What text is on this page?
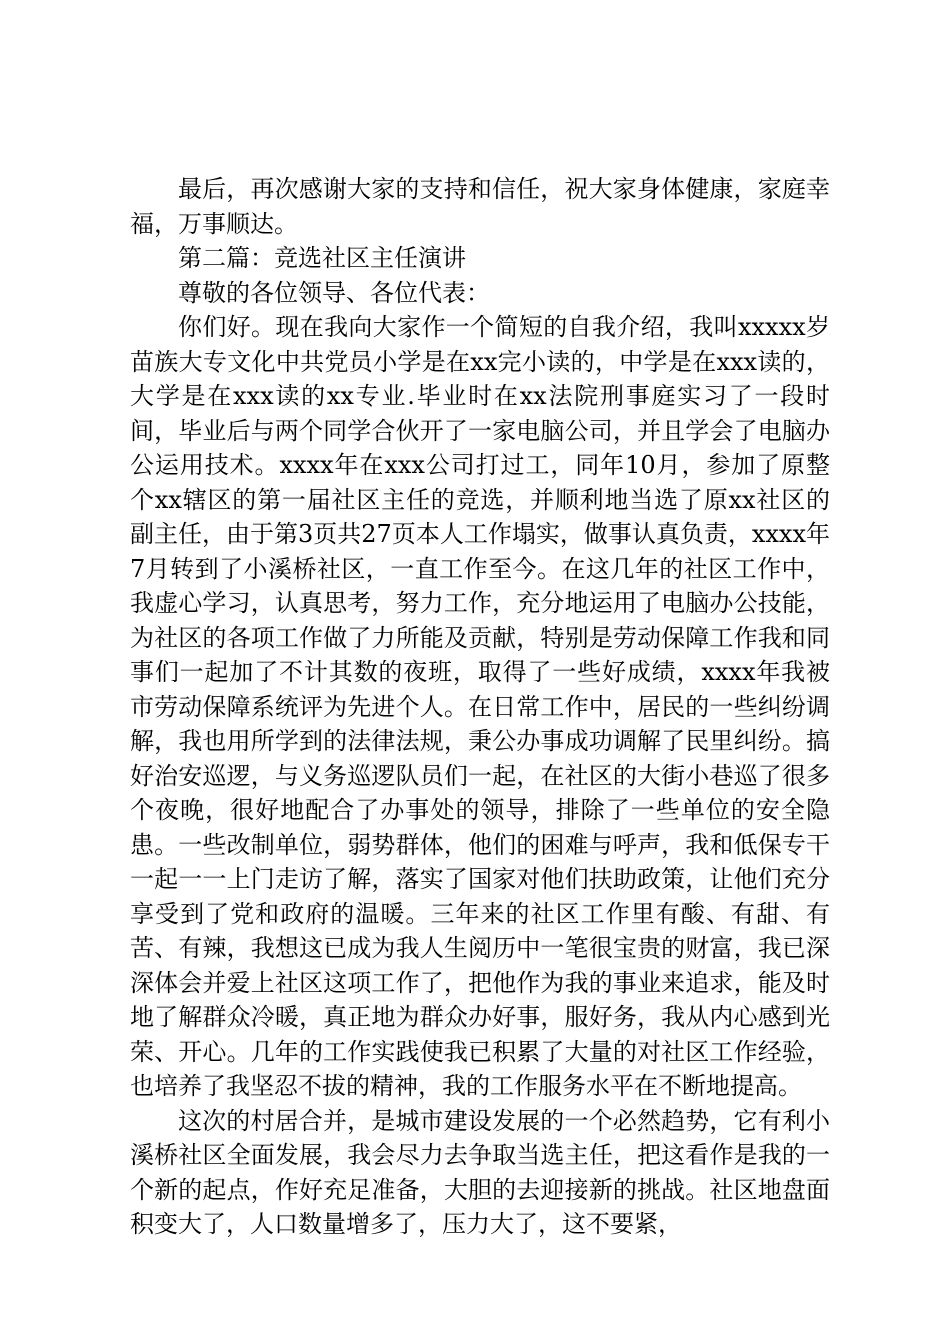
最后，再次感谢大家的支持和信任，祝大家身体健康，家庭幸福，万事顺达。

第二篇：竞选社区主任演讲

尊敬的各位领导、各位代表：

你们好。现在我向大家作一个简短的自我介绍，我叫xxxxx岁苗族大专文化中共党员小学是在xx完小读的，中学是在xxx读的，大学是在xxx读的xx专业.毕业时在xx法院刑事庭实习了一段时间，毕业后与两个同学合伙开了一家电脑公司，并且学会了电脑办公运用技术。xxxx年在xxx公司打过工，同年10月，参加了原整个xx辖区的第一届社区主任的竞选，并顺利地当选了原xx社区的副主任，由于第3页共27页本人工作塌实，做事认真负责，xxxx年7月转到了小溪桥社区，一直工作至今。在这几年的社区工作中，我虚心学习，认真思考，努力工作，充分地运用了电脑办公技能，为社区的各项工作做了力所能及贡献，特别是劳动保障工作我和同事们一起加了不计其数的夜班，取得了一些好成绩，xxxx年我被市劳动保障系统评为先进个人。在日常工作中，居民的一些纠纷调解，我也用所学到的法律法规，秉公办事成功调解了民里纠纷。搞好治安巡逻，与义务巡逻队员们一起，在社区的大街小巷巡了很多个夜晚，很好地配合了办事处的领导，排除了一些单位的安全隐患。一些改制单位，弱势群体，他们的困难与呼声，我和低保专干一起一一上门走访了解，落实了国家对他们扶助政策，让他们充分享受到了党和政府的温暖。三年来的社区工作里有酸、有甜、有苦、有辣，我想这已成为我人生阅历中一笔很宝贵的财富，我已深深体会并爱上社区这项工作了，把他作为我的事业来追求，能及时地了解群众冷暖，真正地为群众办好事，服好务，我从内心感到光荣、开心。几年的工作实践使我已积累了大量的对社区工作经验，也培养了我坚忍不拔的精神，我的工作服务水平在不断地提高。

这次的村居合并，是城市建设发展的一个必然趋势，它有利小溪桥社区全面发展，我会尽力去争取当选主任，把这看作是我的一个新的起点，作好充足准备，大胆的去迎接新的挑战。社区地盘面积变大了，人口数量增多了，压力大了，这不要紧，
